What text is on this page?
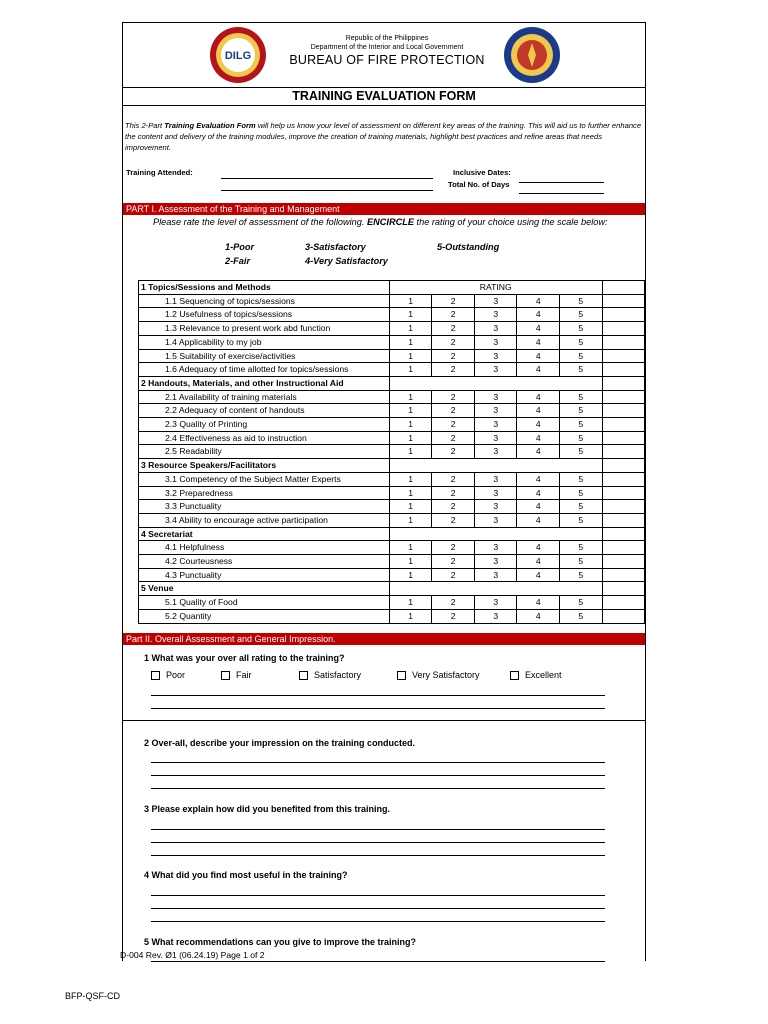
DILG
Republic of the Philippines
Department of the Interior and Local Government
BUREAU OF FIRE PROTECTION
TRAINING EVALUATION FORM
This 2-Part Training Evaluation Form will help us know your level of assessment on different key areas of the training. This will aid us to further enhance the content and delivery of the training modules, improve the creation of training materials, highlight best practices and refine areas that needs improvement.
Training Attended:	Inclusive Dates:
Total No. of Days
PART I. Assessment of the Training and Management
Please rate the level of assessment of the following. ENCIRCLE the rating of your choice using the scale below:
1-Poor
2-Fair
3-Satisfactory
4-Very Satisfactory
5-Outstanding
1 Topics/Sessions and Methods	RATING					
1.1 Sequencing of topics/sessions	1	2	3	4	5	
1.2 Usefulness of topics/sessions	1	2	3	4	5	
1.3 Relevance to present work abd function	1	2	3	4	5	
1.4 Applicability to my job	1	2	3	4	5	
1.5 Suitability of exercise/activities	1	2	3	4	5	
1.6 Adequacy of time allotted for topics/sessions	1	2	3	4	5	
2 Handouts, Materials, and other Instructional Aid						
2.1 Availability of training materials	1	2	3	4	5	
2.2 Adequacy of content of handouts	1	2	3	4	5	
2.3 Quality of Printing	1	2	3	4	5	
2.4 Effectiveness as aid to instruction	1	2	3	4	5	
2.5 Readability	1	2	3	4	5	
3 Resource Speakers/Facilitators						
3.1 Competency of the Subject Matter Experts	1	2	3	4	5	
3.2 Preparedness	1	2	3	4	5	
3.3 Punctuality	1	2	3	4	5	
3.4 Ability to encourage active participation	1	2	3	4	5	
4 Secretariat						
4.1 Helpfulness	1	2	3	4	5	
4.2 Courteusness	1	2	3	4	5	
4.3 Punctuality	1	2	3	4	5	
5 Venue						
5.1 Quality of Food	1	2	3	4	5	
5.2 Quantity	1	2	3	4	5	
Part II. Overall Assessment and General Impression.
1 What was your over all rating to the training?
Poor	Fair	Satisfactory	Very Satisfactory	Excellent
2 Over-all, describe your impression on the training conducted.
3 Please explain how did you benefited from this training.
4 What did you find most useful in the training?
5 What recommendations can you give to improve the training?
D-004 Rev. Ø1 (06.24.19) Page 1 of 2
BFP-QSF-CD
